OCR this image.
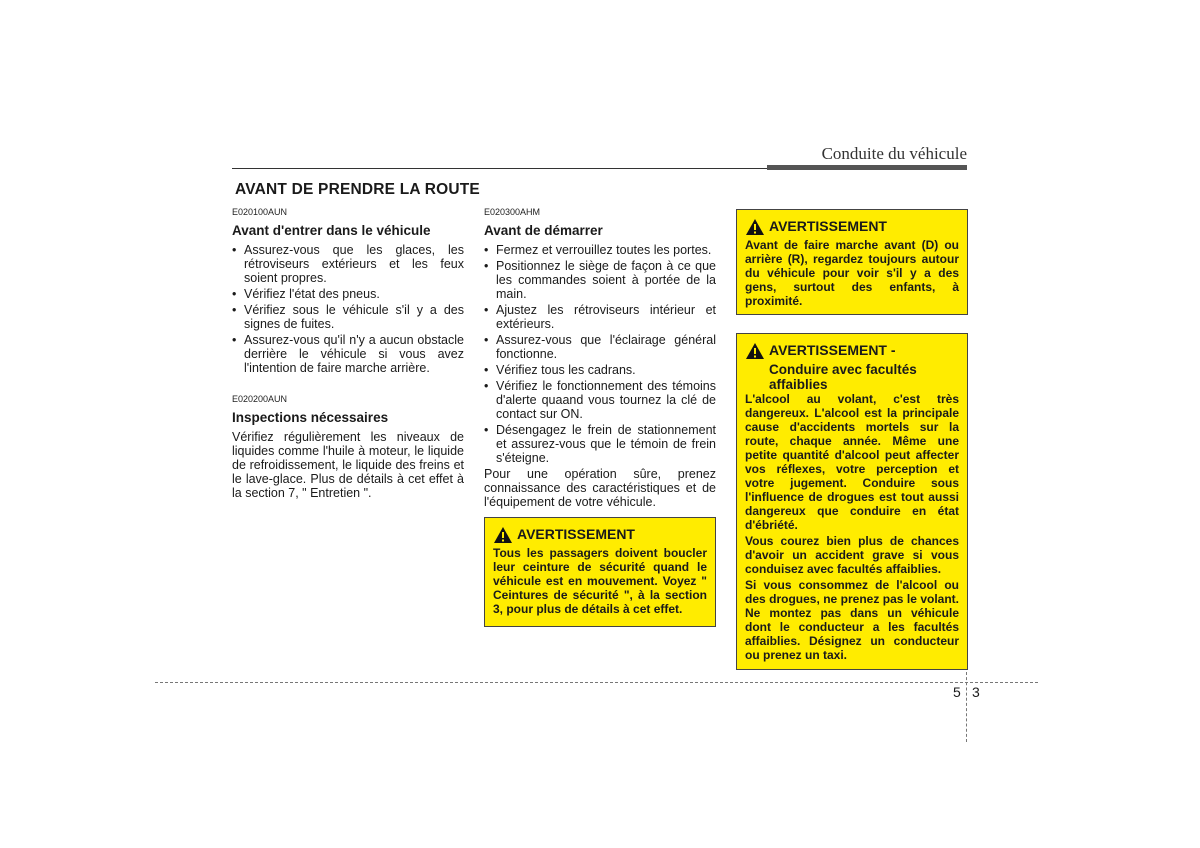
Conduite du véhicule
AVANT DE PRENDRE LA ROUTE
E020100AUN
Avant d'entrer dans le véhicule
• Assurez-vous que les glaces, les rétroviseurs extérieurs et les feux soient propres.
• Vérifiez l'état des pneus.
• Vérifiez sous le véhicule s'il y a des signes de fuites.
• Assurez-vous qu'il n'y a aucun obstacle derrière le véhicule si vous avez l'intention de faire marche arrière.
E020200AUN
Inspections nécessaires

Vérifiez régulièrement les niveaux de liquides comme l'huile à moteur, le liquide de refroidissement, le liquide des freins et le lave-glace. Plus de détails à cet effet à la section 7, " Entretien ".

E020300AHM
Avant de démarrer
• Fermez et verrouillez toutes les portes.
• Positionnez le siège de façon à ce que les commandes soient à portée de la main.
• Ajustez les rétroviseurs intérieur et extérieurs.
• Assurez-vous que l'éclairage général fonctionne.
• Vérifiez tous les cadrans.
• Vérifiez le fonctionnement des témoins d'alerte quaand vous tournez la clé de contact sur ON.
• Désengagez le frein de stationnement et assurez-vous que le témoin de frein s'éteigne.

Pour une opération sûre, prenez connaissance des caractéristiques et de l'équipement de votre véhicule.

AVERTISSEMENT

Avant de faire marche avant (D) ou arrière (R), regardez toujours autour du véhicule pour voir s'il y a des gens, surtout des enfants, à proximité.

AVERTISSEMENT -
Conduire avec facultés affaiblies

L'alcool au volant, c'est très dangereux. L'alcool est la principale cause d'accidents mortels sur la route, chaque année. Même une petite quantité d'alcool peut affecter vos réflexes, votre perception et votre jugement. Conduire sous l'influence de drogues est tout aussi dangereux que conduire en état d'ébriété.

Vous courez bien plus de chances d'avoir un accident grave si vous conduisez avec facultés affaiblies.

Si vous consommez de l'alcool ou des drogues, ne prenez pas le volant. Ne montez pas dans un véhicule dont le conducteur a les facultés affaiblies. Désignez un conducteur ou prenez un taxi.

AVERTISSEMENT

Tous les passagers doivent boucler leur ceinture de sécurité quand le véhicule est en mouvement. Voyez " Ceintures de sécurité ", à la section 3, pour plus de détails à cet effet.

5 3
